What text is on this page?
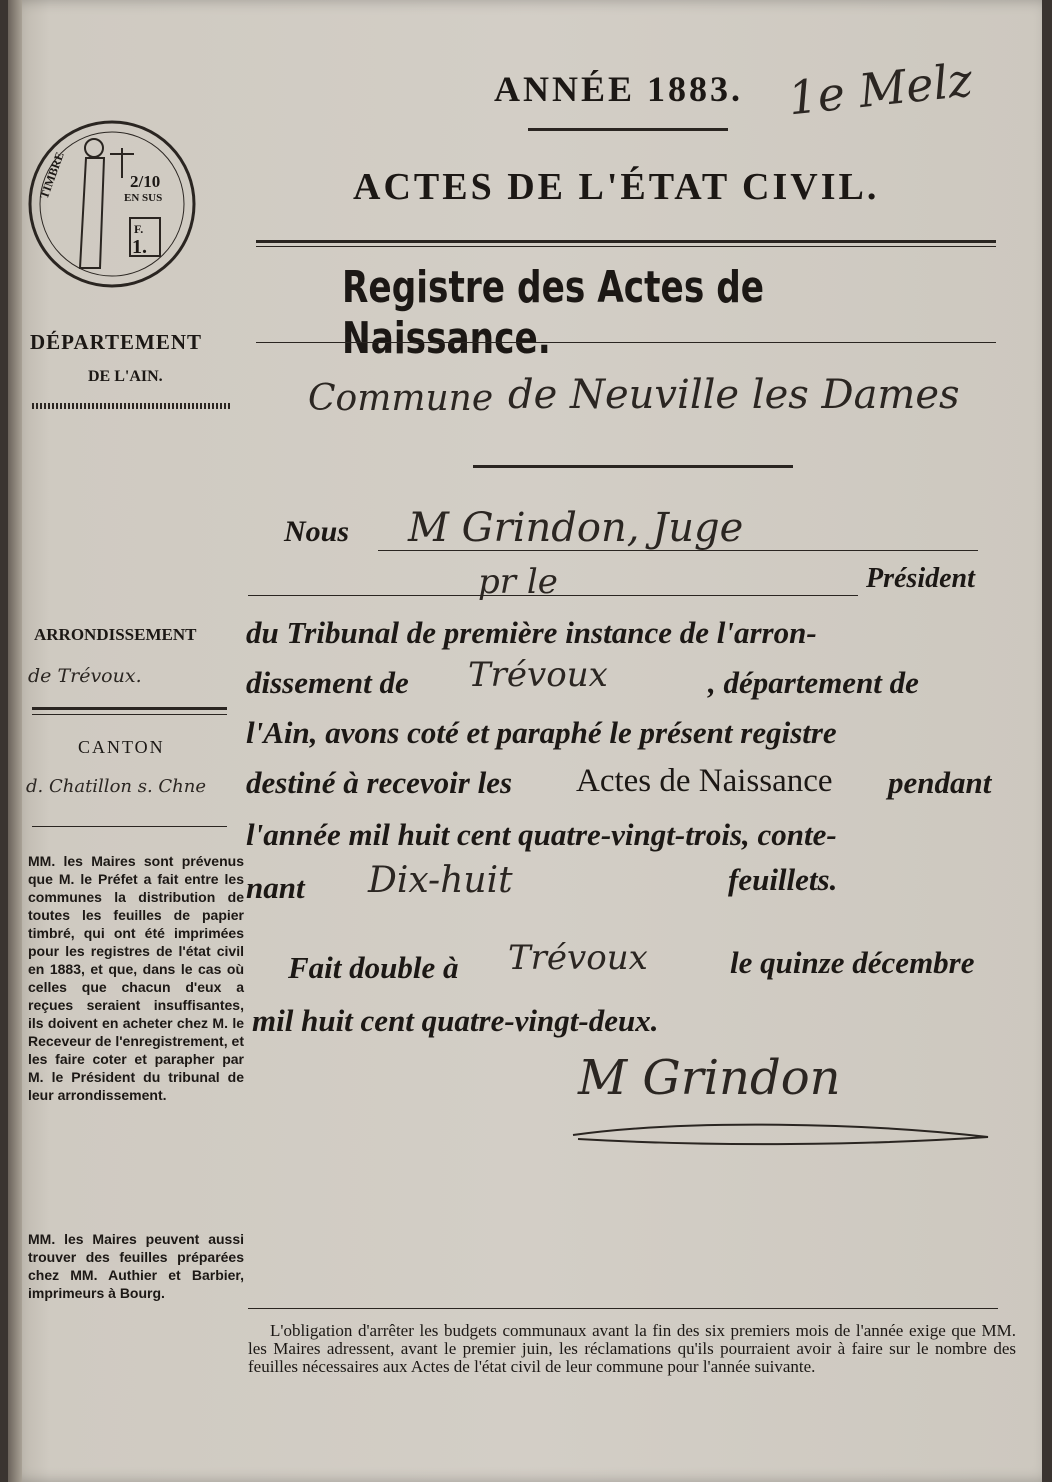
ANNÉE 1883. 1e Melz
ACTES DE L'ÉTAT CIVIL.
Registre des Actes de Naissance.
Commune de Neuville les Dames
TIMBRE	2/10
EN SUS
F.
1.
DÉPARTEMENT
DE L'AIN.
ARRONDISSEMENT
de Trévoux.
CANTON
d. Chatillon s. Chne
MM. les Maires sont prévenus que M. le Préfet a fait entre les communes la distribution de toutes les feuilles de papier timbré, qui ont été imprimées pour les registres de l'état civil en 1883, et que, dans le cas où celles que chacun d'eux a reçues seraient insuffisantes, ils doivent en acheter chez M. le Receveur de l'enregistrement, et les faire coter et parapher par M. le Président du tribunal de leur arrondissement.
MM. les Maires peuvent aussi trouver des feuilles préparées chez MM. Authier et Barbier, imprimeurs à Bourg.
Nous M Grindon, Juge
pr le	Président
du Tribunal de première instance de l'arron-
dissement de Trévoux	, département de
l'Ain, avons coté et paraphé le présent registre
destiné à recevoir les Actes de Naissance pendant
l'année mil huit cent quatre-vingt-trois, conte-
nant Dix-huit	feuillets.
Fait double à Trévoux	le quinze décembre
mil huit cent quatre-vingt-deux.
M Grindon
L'obligation d'arrêter les budgets communaux avant la fin des six premiers mois de l'année exige que MM. les Maires adressent, avant le premier juin, les réclamations qu'ils pourraient avoir à faire sur le nombre des feuilles nécessaires aux Actes de l'état civil de leur commune pour l'année suivante.
